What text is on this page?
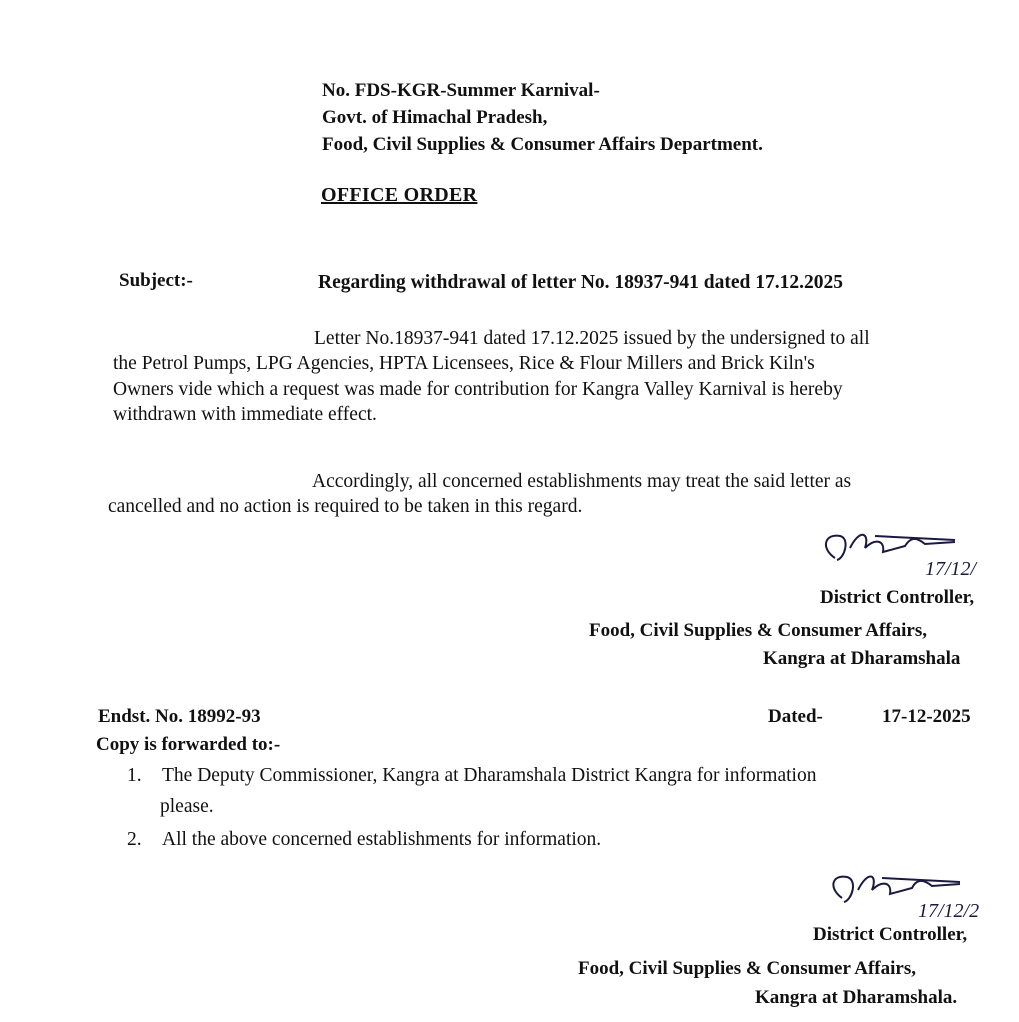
No. FDS-KGR-Summer Karnival-
Govt. of Himachal Pradesh,
Food, Civil Supplies & Consumer Affairs Department.
OFFICE ORDER
Subject:-	Regarding withdrawal of letter No. 18937-941 dated 17.12.2025
Letter No.18937-941 dated 17.12.2025 issued by the undersigned to all
the Petrol Pumps, LPG Agencies, HPTA Licensees, Rice & Flour Millers and Brick Kiln's
Owners vide which a request was made for contribution for Kangra Valley Karnival is hereby
withdrawn with immediate effect.
Accordingly, all concerned establishments may treat the said letter as
cancelled and no action is required to be taken in this regard.
17/12/
District Controller,
Food, Civil Supplies & Consumer Affairs,
Kangra at Dharamshala
Endst. No. 18992-93	Dated-	17-12-2025
Copy is forwarded to:-
1. The Deputy Commissioner, Kangra at Dharamshala District Kangra for information
please.
2. All the above concerned establishments for information.
17/12/2
District Controller,
Food, Civil Supplies & Consumer Affairs,
Kangra at Dharamshala.
